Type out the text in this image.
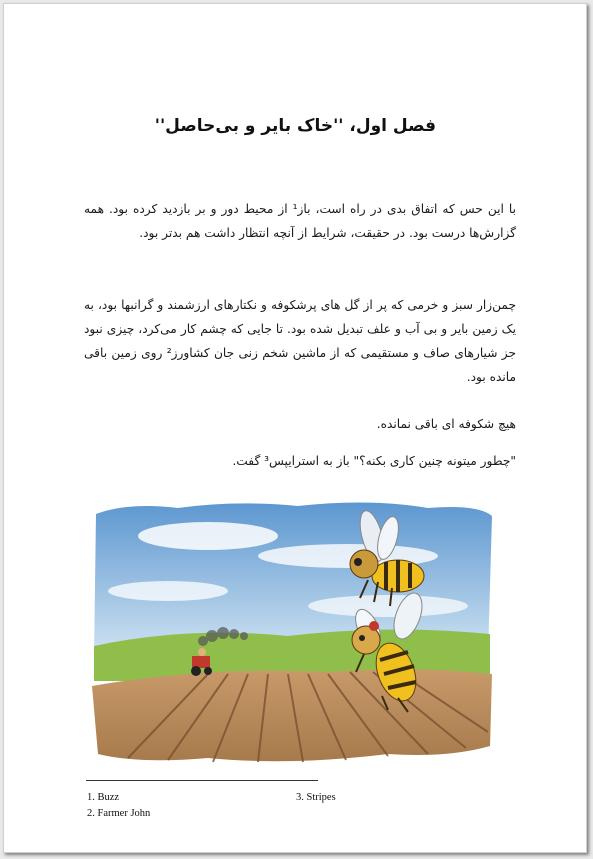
فصل اول، ''خاک بایر و بی‌حاصل''
با این حس که اتفاق بدی در راه است، باز¹ از محیط دور و بر بازدید کرده بود. همه گزارش‌ها درست بود. در حقیقت، شرایط از آنچه انتظار داشت هم بدتر بود.
چمن‌زار سبز و خرمی که پر از گل های پرشکوفه و نکتارهای ارزشمند و گرانبها بود، به یک زمین بایر و بی آب و علف تبدیل شده بود. تا جایی که چشم کار می‌کرد، چیزی نبود جز شیارهای صاف و مستقیمی که از ماشین شخم زنی جان کشاورز² روی زمین باقی مانده بود.
هیچ شکوفه ای باقی نمانده.
"چطور میتونه چنین کاری بکنه؟" باز به استرایپس³ گفت.
1. Buzz
2. Farmer John
3. Stripes
